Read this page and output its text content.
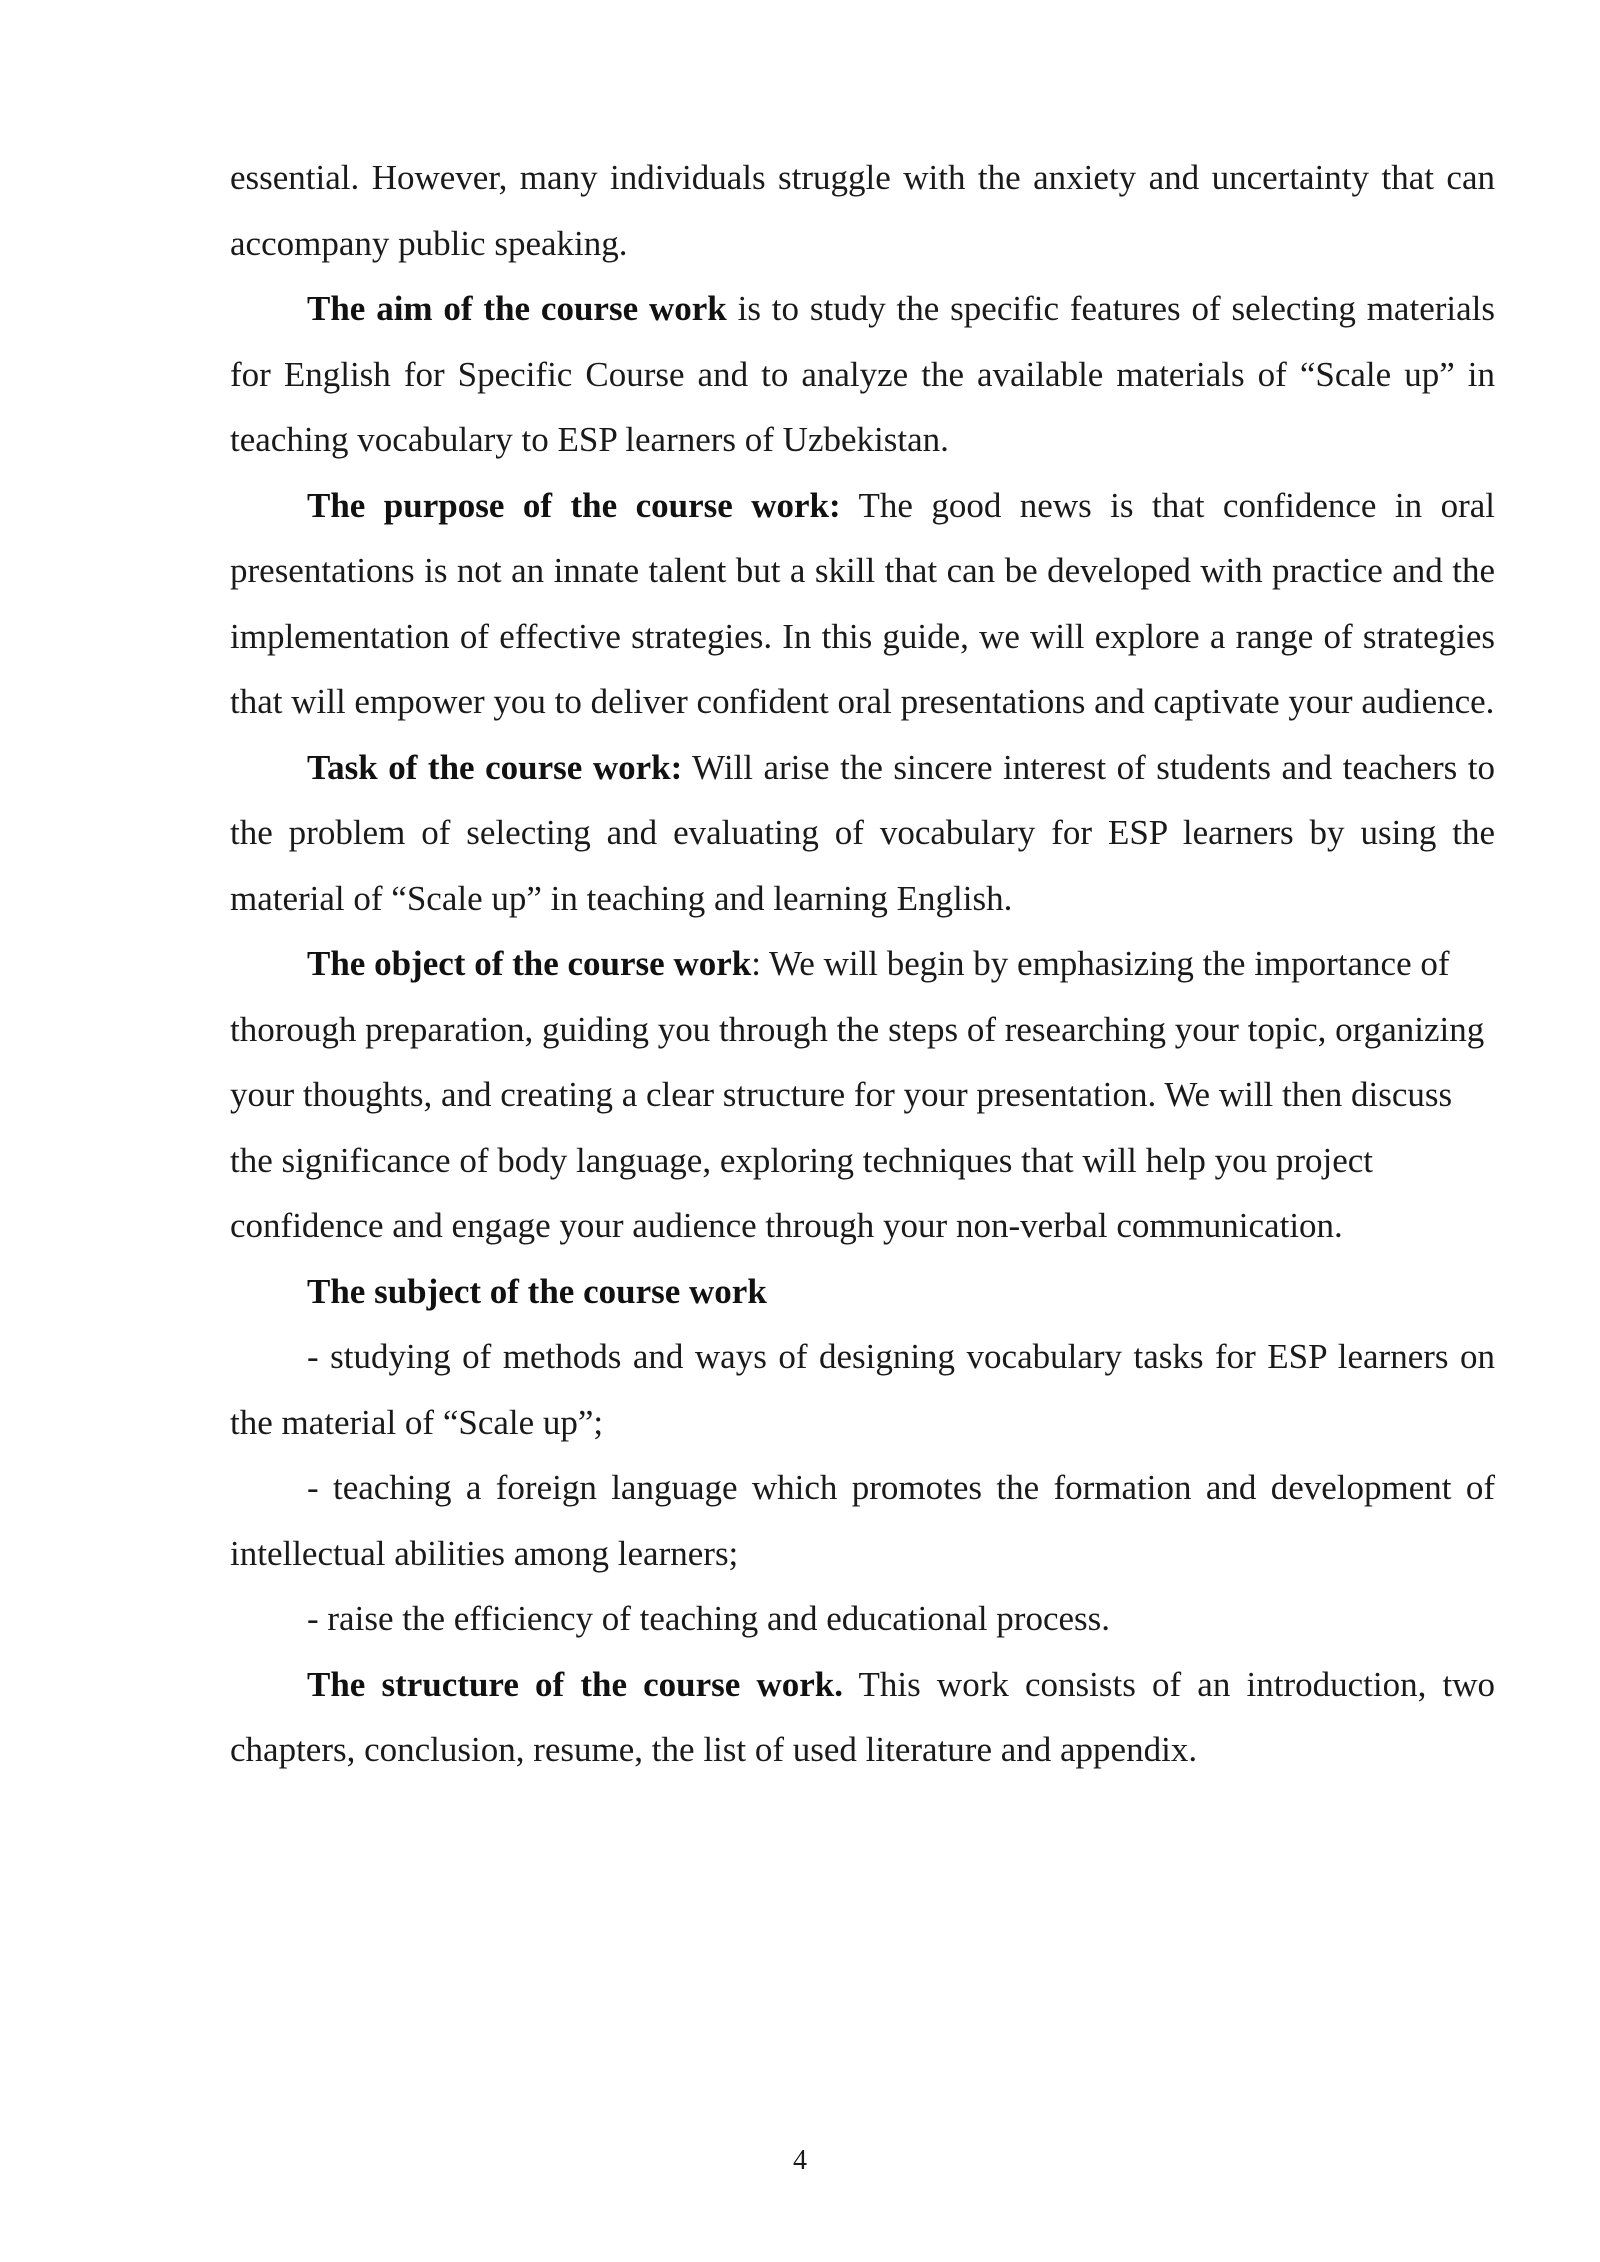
essential. However, many individuals struggle with the anxiety and uncertainty that can accompany public speaking.

The aim of the course work is to study the specific features of selecting materials for English for Specific Course and to analyze the available materials of “Scale up” in teaching vocabulary to ESP learners of Uzbekistan.

The purpose of the course work: The good news is that confidence in oral presentations is not an innate talent but a skill that can be developed with practice and the implementation of effective strategies. In this guide, we will explore a range of strategies that will empower you to deliver confident oral presentations and captivate your audience.

Task of the course work: Will arise the sincere interest of students and teachers to the problem of selecting and evaluating of vocabulary for ESP learners by using the material of “Scale up” in teaching and learning English.

The object of the course work: We will begin by emphasizing the importance of thorough preparation, guiding you through the steps of researching your topic, organizing your thoughts, and creating a clear structure for your presentation. We will then discuss the significance of body language, exploring techniques that will help you project confidence and engage your audience through your non-verbal communication.

The subject of the course work

- studying of methods and ways of designing vocabulary tasks for ESP learners on the material of “Scale up”;

- teaching a foreign language which promotes the formation and development of intellectual abilities among learners;

- raise the efficiency of teaching and educational process.

The structure of the course work. This work consists of an introduction, two chapters, conclusion, resume, the list of used literature and appendix.

4
